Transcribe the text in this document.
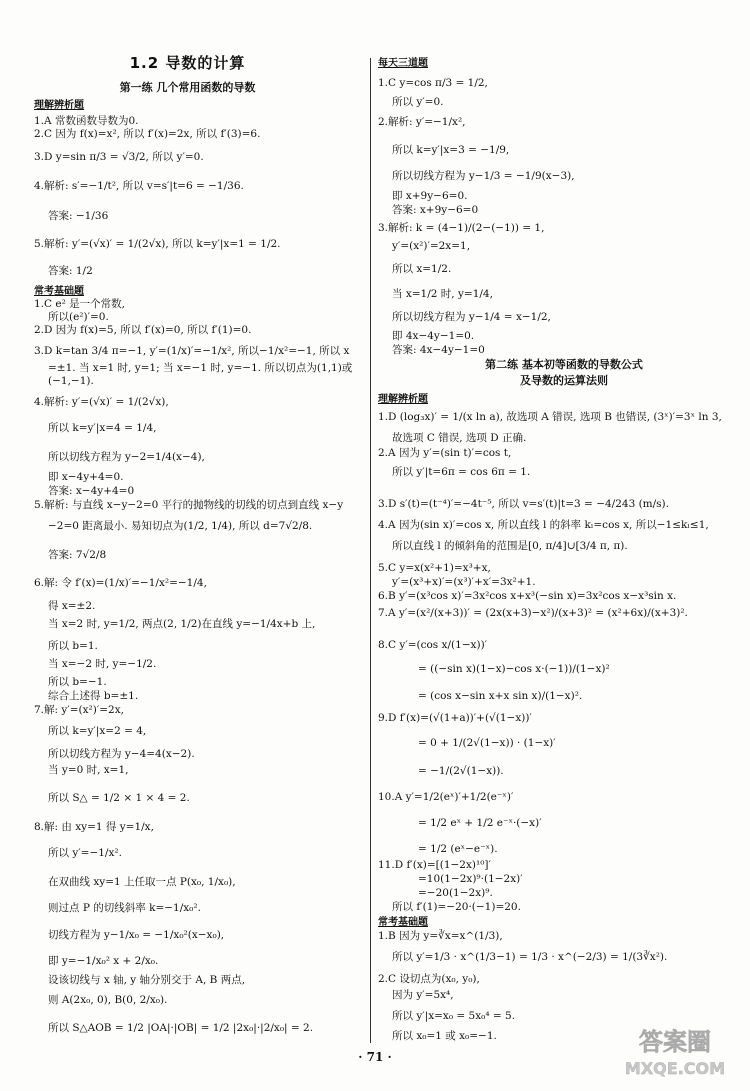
1.2 导数的计算
第一练 几个常用函数的导数
理解辨析题
1.A 常数函数导数为0.
2.C 因为 f(x)=x², 所以 f′(x)=2x, 所以 f′(3)=6.
3.D y=sin π/3 = √3/2, 所以 y′=0.
4.解析: s′=−1/t², 所以 v=s′|t=6 = −1/36.
答案: −1/36
5.解析: y′=(√x)′ = 1/(2√x), 所以 k=y′|x=1 = 1/2.
答案: 1/2
常考基础题
1.C e² 是一个常数,
所以(e²)′=0.
2.D 因为 f(x)=5, 所以 f′(x)=0, 所以 f′(1)=0.
3.D k=tan 3/4 π=−1, y′=(1/x)′=−1/x², 所以−1/x²=−1, 所以 x
=±1. 当 x=1 时, y=1; 当 x=−1 时, y=−1. 所以切点为(1,1)或
(−1,−1).
4.解析: y′=(√x)′ = 1/(2√x),
所以 k=y′|x=4 = 1/4,
所以切线方程为 y−2=1/4(x−4),
即 x−4y+4=0.
答案: x−4y+4=0
5.解析: 与直线 x−y−2=0 平行的抛物线的切线的切点到直线 x−y
−2=0 距离最小. 易知切点为(1/2, 1/4), 所以 d=7√2/8.
答案: 7√2/8
6.解: 令 f′(x)=(1/x)′=−1/x²=−1/4,
得 x=±2.
当 x=2 时, y=1/2, 两点(2, 1/2)在直线 y=−1/4x+b 上,
所以 b=1.
当 x=−2 时, y=−1/2.
所以 b=−1.
综合上述得 b=±1.
7.解: y′=(x²)′=2x,
所以 k=y′|x=2 = 4,
所以切线方程为 y−4=4(x−2).
当 y=0 时, x=1,
所以 S△ = 1/2 × 1 × 4 = 2.
8.解: 由 xy=1 得 y=1/x,
所以 y′=−1/x².
在双曲线 xy=1 上任取一点 P(x₀, 1/x₀),
则过点 P 的切线斜率 k=−1/x₀².
切线方程为 y−1/x₀ = −1/x₀²(x−x₀),
即 y=−1/x₀² x + 2/x₀.
设该切线与 x 轴, y 轴分别交于 A, B 两点,
则 A(2x₀, 0), B(0, 2/x₀).
所以 S△AOB = 1/2 |OA|·|OB| = 1/2 |2x₀|·|2/x₀| = 2.
每天三道题
1.C y=cos π/3 = 1/2,
所以 y′=0.
2.解析: y′=−1/x²,
所以 k=y′|x=3 = −1/9,
所以切线方程为 y−1/3 = −1/9(x−3),
即 x+9y−6=0.
答案: x+9y−6=0
3.解析: k = (4−1)/(2−(−1)) = 1,
y′=(x²)′=2x=1,
所以 x=1/2.
当 x=1/2 时, y=1/4,
所以切线方程为 y−1/4 = x−1/2,
即 4x−4y−1=0.
答案: 4x−4y−1=0
第二练 基本初等函数的导数公式
及导数的运算法则
理解辨析题
1.D (log₃x)′ = 1/(x ln a), 故选项 A 错误, 选项 B 也错误, (3ˣ)′=3ˣ ln 3,
故选项 C 错误, 选项 D 正确.
2.A 因为 y′=(sin t)′=cos t,
所以 y′|t=6π = cos 6π = 1.
3.D s′(t)=(t⁻⁴)′=−4t⁻⁵, 所以 v=s′(t)|t=3 = −4/243 (m/s).
4.A 因为(sin x)′=cos x, 所以直线 l 的斜率 kₗ=cos x, 所以−1≤kₗ≤1,
所以直线 l 的倾斜角的范围是[0, π/4]∪[3/4 π, π).
5.C y=x(x²+1)=x³+x,
y′=(x³+x)′=(x³)′+x′=3x²+1.
6.B y′=(x³cos x)′=3x²cos x+x³(−sin x)=3x²cos x−x³sin x.
7.A y′=(x²/(x+3))′ = (2x(x+3)−x²)/(x+3)² = (x²+6x)/(x+3)².
8.C y′=(cos x/(1−x))′
= ((−sin x)(1−x)−cos x·(−1))/(1−x)²
= (cos x−sin x+x sin x)/(1−x)².
9.D f′(x)=(√(1+a))′+(√(1−x))′
= 0 + 1/(2√(1−x)) · (1−x)′
= −1/(2√(1−x)).
10.A y′=1/2(eˣ)′+1/2(e⁻ˣ)′
= 1/2 eˣ + 1/2 e⁻ˣ·(−x)′
= 1/2 (eˣ−e⁻ˣ).
11.D f′(x)=[(1−2x)¹⁰]′
=10(1−2x)⁹·(1−2x)′
=−20(1−2x)⁹.
所以 f′(1)=−20·(−1)=20.
常考基础题
1.B 因为 y=∛x=x^(1/3),
所以 y′=1/3 · x^(1/3−1) = 1/3 · x^(−2/3) = 1/(3∛x²).
2.C 设切点为(x₀, y₀),
因为 y′=5x⁴,
所以 y′|x=x₀ = 5x₀⁴ = 5.
所以 x₀=1 或 x₀=−1.
· 71 ·
答案圈
MXQE.COM
